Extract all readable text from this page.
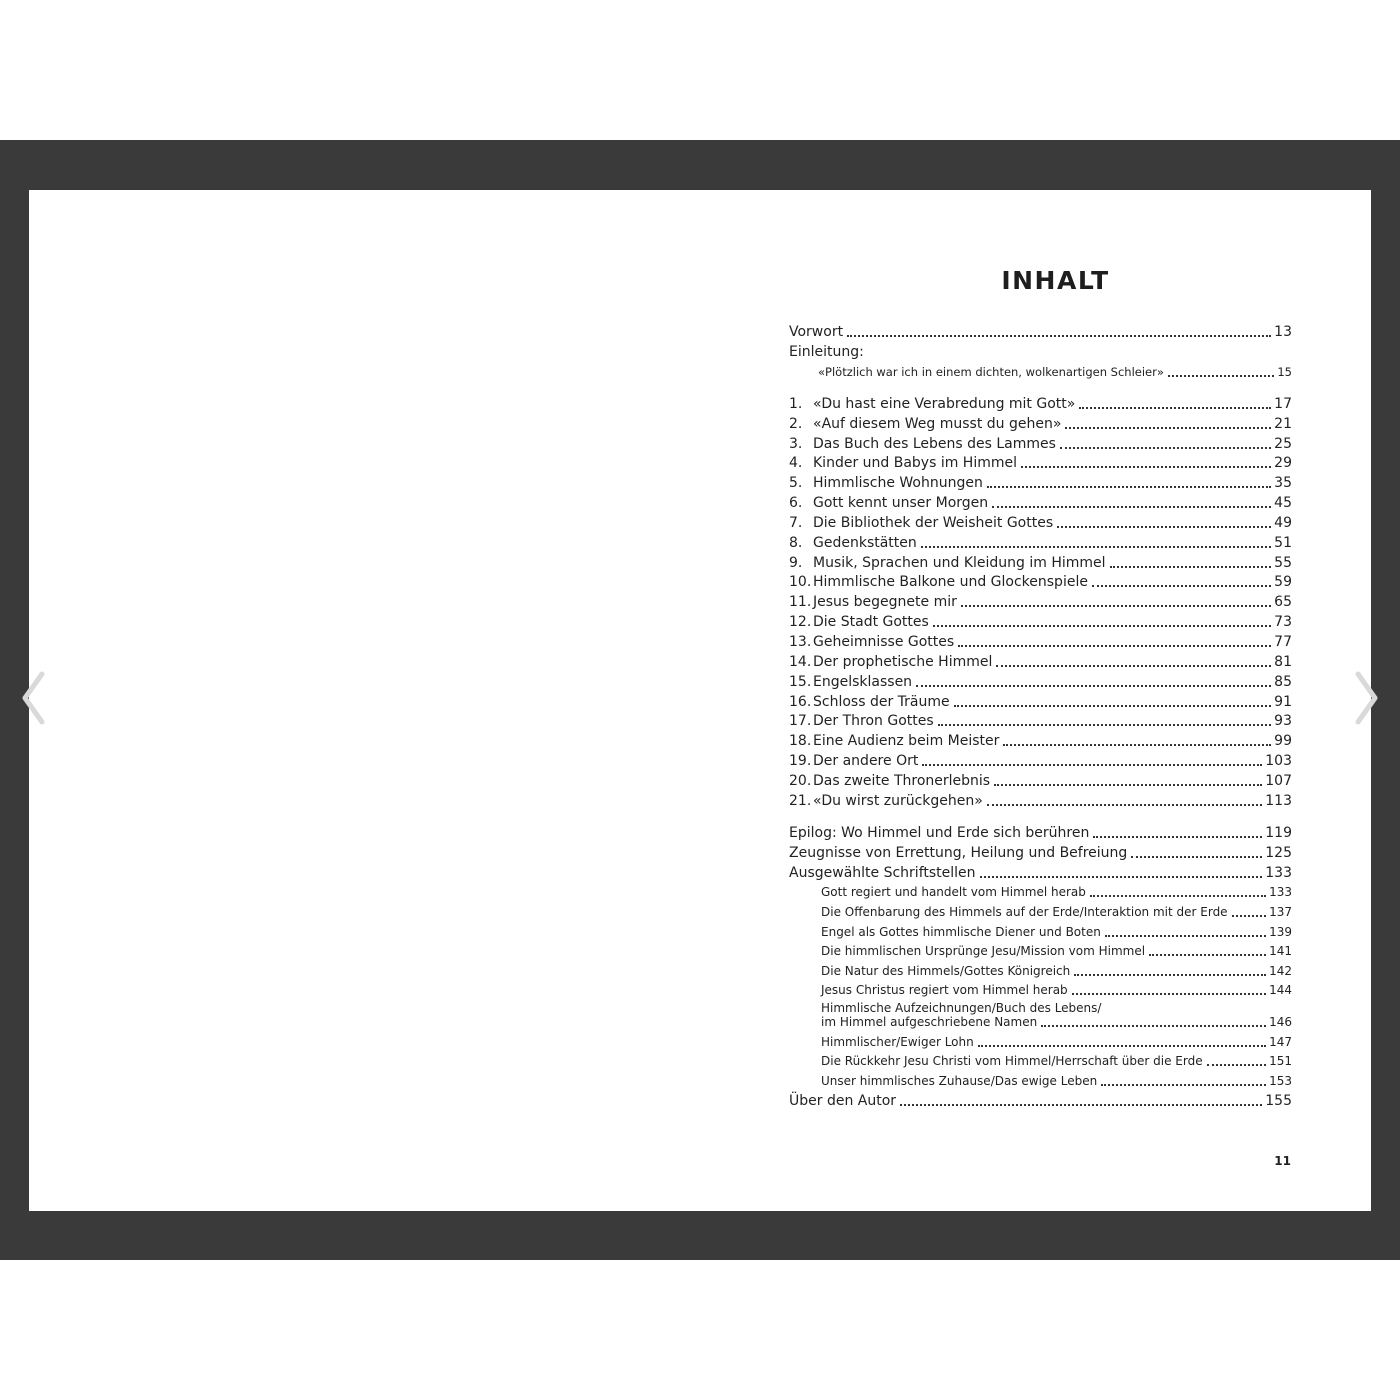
INHALT
Vorwort	13
Einleitung:
«Plötzlich war ich in einem dichten, wolkenartigen Schleier»	15
1. «Du hast eine Verabredung mit Gott»	17
2. «Auf diesem Weg musst du gehen»	21
3. Das Buch des Lebens des Lammes	25
4. Kinder und Babys im Himmel	29
5. Himmlische Wohnungen	35
6. Gott kennt unser Morgen	45
7. Die Bibliothek der Weisheit Gottes	49
8. Gedenkstätten	51
9. Musik, Sprachen und Kleidung im Himmel	55
10. Himmlische Balkone und Glockenspiele	59
11. Jesus begegnete mir	65
12. Die Stadt Gottes	73
13. Geheimnisse Gottes	77
14. Der prophetische Himmel	81
15. Engelsklassen	85
16. Schloss der Träume	91
17. Der Thron Gottes	93
18. Eine Audienz beim Meister	99
19. Der andere Ort	103
20. Das zweite Thronerlebnis	107
21. «Du wirst zurückgehen»	113
Epilog: Wo Himmel und Erde sich berühren	119
Zeugnisse von Errettung, Heilung und Befreiung	125
Ausgewählte Schriftstellen	133
Gott regiert und handelt vom Himmel herab	133
Die Offenbarung des Himmels auf der Erde/Interaktion mit der Erde	137
Engel als Gottes himmlische Diener und Boten	139
Die himmlischen Ursprünge Jesu/Mission vom Himmel	141
Die Natur des Himmels/Gottes Königreich	142
Jesus Christus regiert vom Himmel herab	144
Himmlische Aufzeichnungen/Buch des Lebens/
im Himmel aufgeschriebene Namen	146
Himmlischer/Ewiger Lohn	147
Die Rückkehr Jesu Christi vom Himmel/Herrschaft über die Erde	151
Unser himmlisches Zuhause/Das ewige Leben	153
Über den Autor	155
11
